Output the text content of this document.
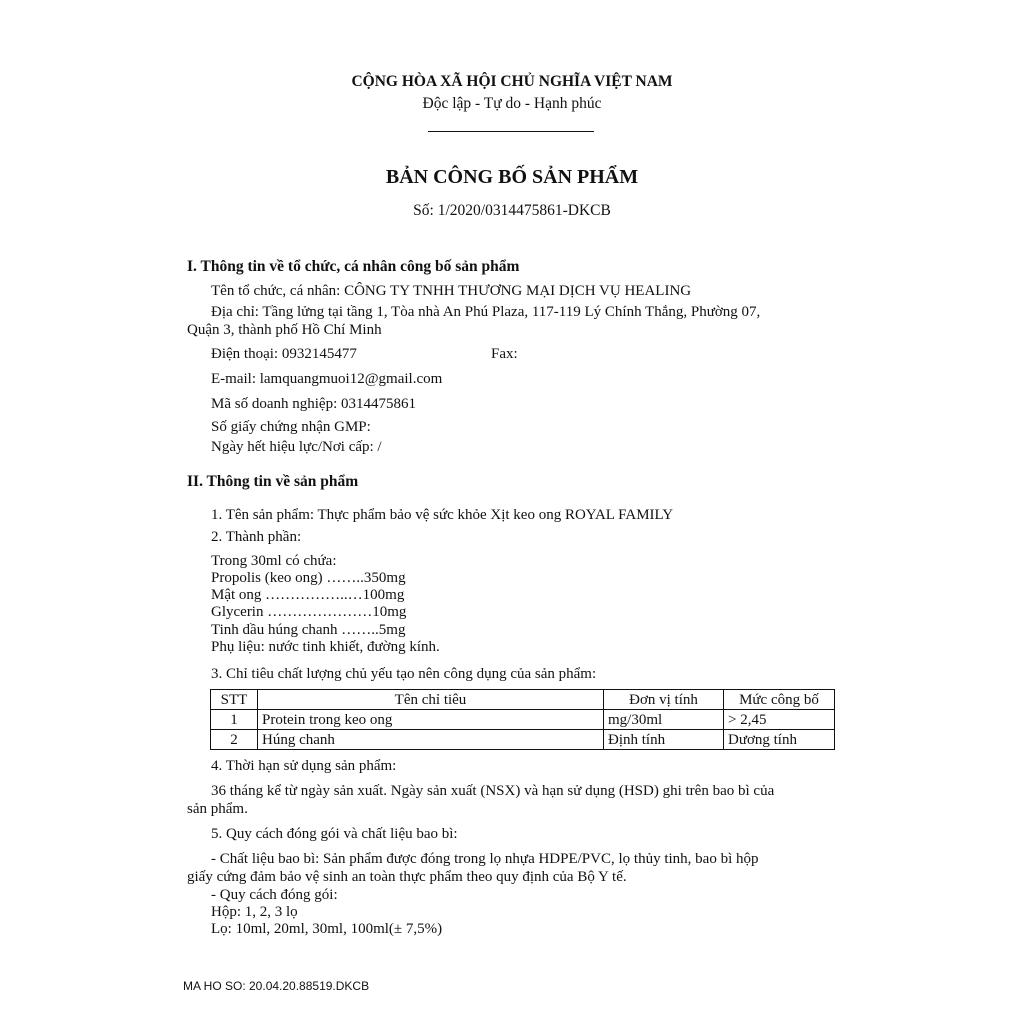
CỘNG HÒA XÃ HỘI CHỦ NGHĨA VIỆT NAM
Độc lập - Tự do - Hạnh phúc
BẢN CÔNG BỐ SẢN PHẨM
Số: 1/2020/0314475861-DKCB
I. Thông tin về tổ chức, cá nhân công bố sản phẩm
Tên tổ chức, cá nhân: CÔNG TY TNHH THƯƠNG MẠI DỊCH VỤ HEALING
Địa chỉ: Tầng lửng tại tầng 1, Tòa nhà An Phú Plaza, 117-119 Lý Chính Thắng, Phường 07,
Quận 3, thành phố Hồ Chí Minh
Điện thoại: 0932145477	Fax:
E-mail: lamquangmuoi12@gmail.com
Mã số doanh nghiệp: 0314475861
Số giấy chứng nhận GMP:
Ngày hết hiệu lực/Nơi cấp: /
II. Thông tin về sản phẩm
1. Tên sản phẩm: Thực phẩm bảo vệ sức khỏe Xịt keo ong ROYAL FAMILY
2. Thành phần:
Trong 30ml có chứa:
Propolis (keo ong) ……..350mg
Mật ong ……………..…100mg
Glycerin …………………10mg
Tinh dầu húng chanh ……..5mg
Phụ liệu: nước tinh khiết, đường kính.
3. Chỉ tiêu chất lượng chủ yếu tạo nên công dụng của sản phẩm:
STT	Tên chỉ tiêu	Đơn vị tính	Mức công bố
1	Protein trong keo ong	mg/30ml	> 2,45
2	Húng chanh	Định tính	Dương tính
4. Thời hạn sử dụng sản phẩm:
36 tháng kể từ ngày sản xuất. Ngày sản xuất (NSX) và hạn sử dụng (HSD) ghi trên bao bì của
sản phẩm.
5. Quy cách đóng gói và chất liệu bao bì:
- Chất liệu bao bì: Sản phẩm được đóng trong lọ nhựa HDPE/PVC, lọ thủy tinh, bao bì hộp
giấy cứng đảm bảo vệ sinh an toàn thực phẩm theo quy định của Bộ Y tế.
- Quy cách đóng gói:
Hộp: 1, 2, 3 lọ
Lọ: 10ml, 20ml, 30ml, 100ml(± 7,5%)
MA HO SO: 20.04.20.88519.DKCB
